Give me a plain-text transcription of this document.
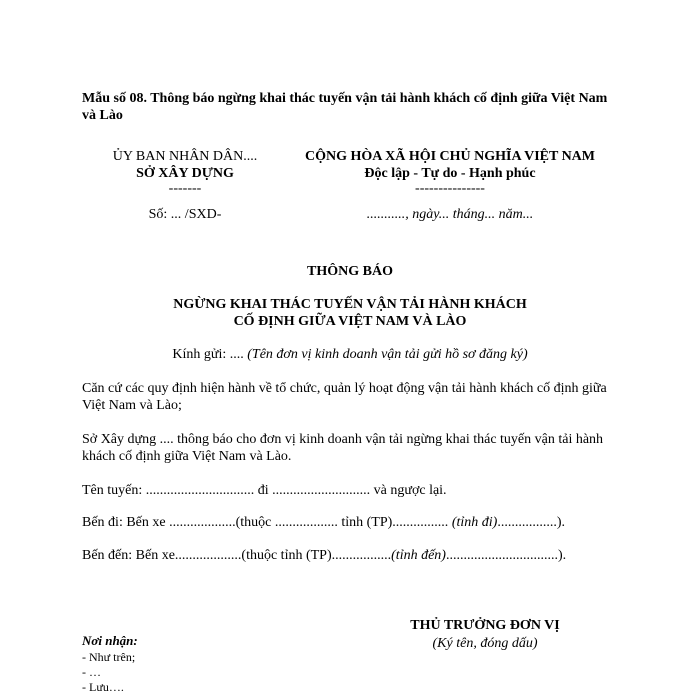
Mẫu số 08. Thông báo ngừng khai thác tuyến vận tải hành khách cố định giữa Việt Nam và Lào
ỦY BAN NHÂN DÂN....
SỞ XÂY DỰNG
-------
Số: ... /SXD-
CỘNG HÒA XÃ HỘI CHỦ NGHĨA VIỆT NAM
Độc lập - Tự do - Hạnh phúc
---------------
..........., ngày... tháng... năm...
THÔNG BÁO
NGỪNG KHAI THÁC TUYẾN VẬN TẢI HÀNH KHÁCH
CỐ ĐỊNH GIỮA VIỆT NAM VÀ LÀO
Kính gửi: .... (Tên đơn vị kinh doanh vận tải gửi hồ sơ đăng ký)
Căn cứ các quy định hiện hành về tổ chức, quản lý hoạt động vận tải hành khách cố định giữa Việt Nam và Lào;
Sở Xây dựng .... thông báo cho đơn vị kinh doanh vận tải ngừng khai thác tuyến vận tải hành khách cố định giữa Việt Nam và Lào.
Tên tuyến: ............................... đi ............................ và ngược lại.
Bến đi: Bến xe ...................(thuộc .................. tỉnh (TP)................ (tỉnh đi).................).
Bến đến: Bến xe...................(thuộc tỉnh (TP).................(tỉnh đến)................................).
THỦ TRƯỞNG ĐƠN VỊ
(Ký tên, đóng dấu)
Nơi nhận:
- Như trên;
- …
- Lưu….
